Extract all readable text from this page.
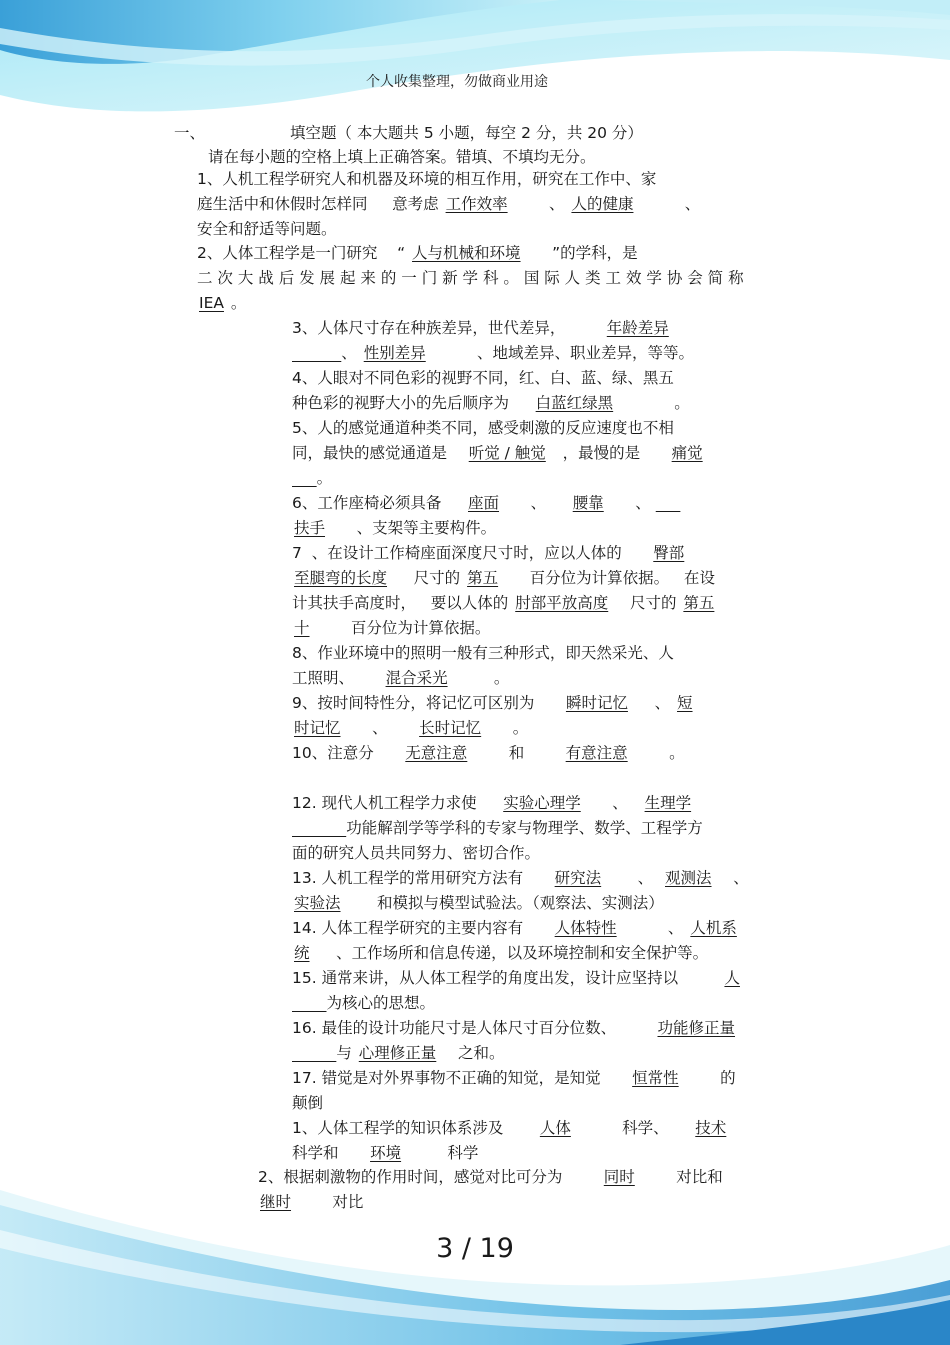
个人收集整理，勿做商业用途
一、	填空题（ 本大题共 5 小题，每空 2 分，共 20 分）
请在每小题的空格上填上正确答案。错填、不填均无分。
1、人机工程学研究人和机器及环境的相互作用，研究在工作中、家
庭生活中和休假时怎样同     意考虑 工作效率        、 人的健康          、
安全和舒适等问题。
2、人体工程学是一门研究    “ 人与机械和环境      ”的学科，是
二 次 大 战 后 发 展 起 来 的 一 门 新 学 科 。 国 际 人 类 工 效 学 协 会 简 称
IEA 。
3、人体尺寸存在种族差异，世代差异，        年龄差异
、 性别差异          、地域差异、职业差异，等等。
4、人眼对不同色彩的视野不同，红、白、蓝、绿、黑五
种色彩的视野大小的先后顺序为     白蓝红绿黑            。
5、人的感觉通道种类不同，感受刺激的反应速度也不相
同，最快的感觉通道是    听觉 / 触觉   ，最慢的是      痛觉
。
6、工作座椅必须具备     座面      、     腰靠      、
扶手      、支架等主要构件。
7  、在设计工作椅座面深度尺寸时，应以人体的      臀部
至腿弯的长度     尺寸的 第五      百分位为计算依据。   在设
计其扶手高度时，   要以人体的 肘部平放高度    尺寸的 第五
十        百分位为计算依据。
8、作业环境中的照明一般有三种形式，即天然采光、人
工照明、      混合采光         。
9、按时间特性分，将记忆可区别为      瞬时记忆     、 短
时记忆      、      长时记忆      。
10、注意分      无意注意        和        有意注意        。
12. 现代人机工程学力求使     实验心理学      、   生理学
功能解剖学等学科的专家与物理学、数学、工程学方
面的研究人员共同努力、密切合作。
13. 人机工程学的常用研究方法有      研究法       、  观测法    、
实验法       和模拟与模型试验法。（观察法、实测法）
14. 人体工程学研究的主要内容有      人体特性          、 人机系
统     、工作场所和信息传递，以及环境控制和安全保护等。
15. 通常来讲，从人体工程学的角度出发，设计应坚持以         人
为核心的思想。
16. 最佳的设计功能尺寸是人体尺寸百分位数、        功能修正量
与 心理修正量    之和。
17. 错觉是对外界事物不正确的知觉，是知觉      恒常性        的
颠倒
1、人体工程学的知识体系涉及       人体          科学、     技术
科学和      环境         科学
2、根据刺激物的作用时间，感觉对比可分为        同时        对比和
继时        对比
3 / 19
